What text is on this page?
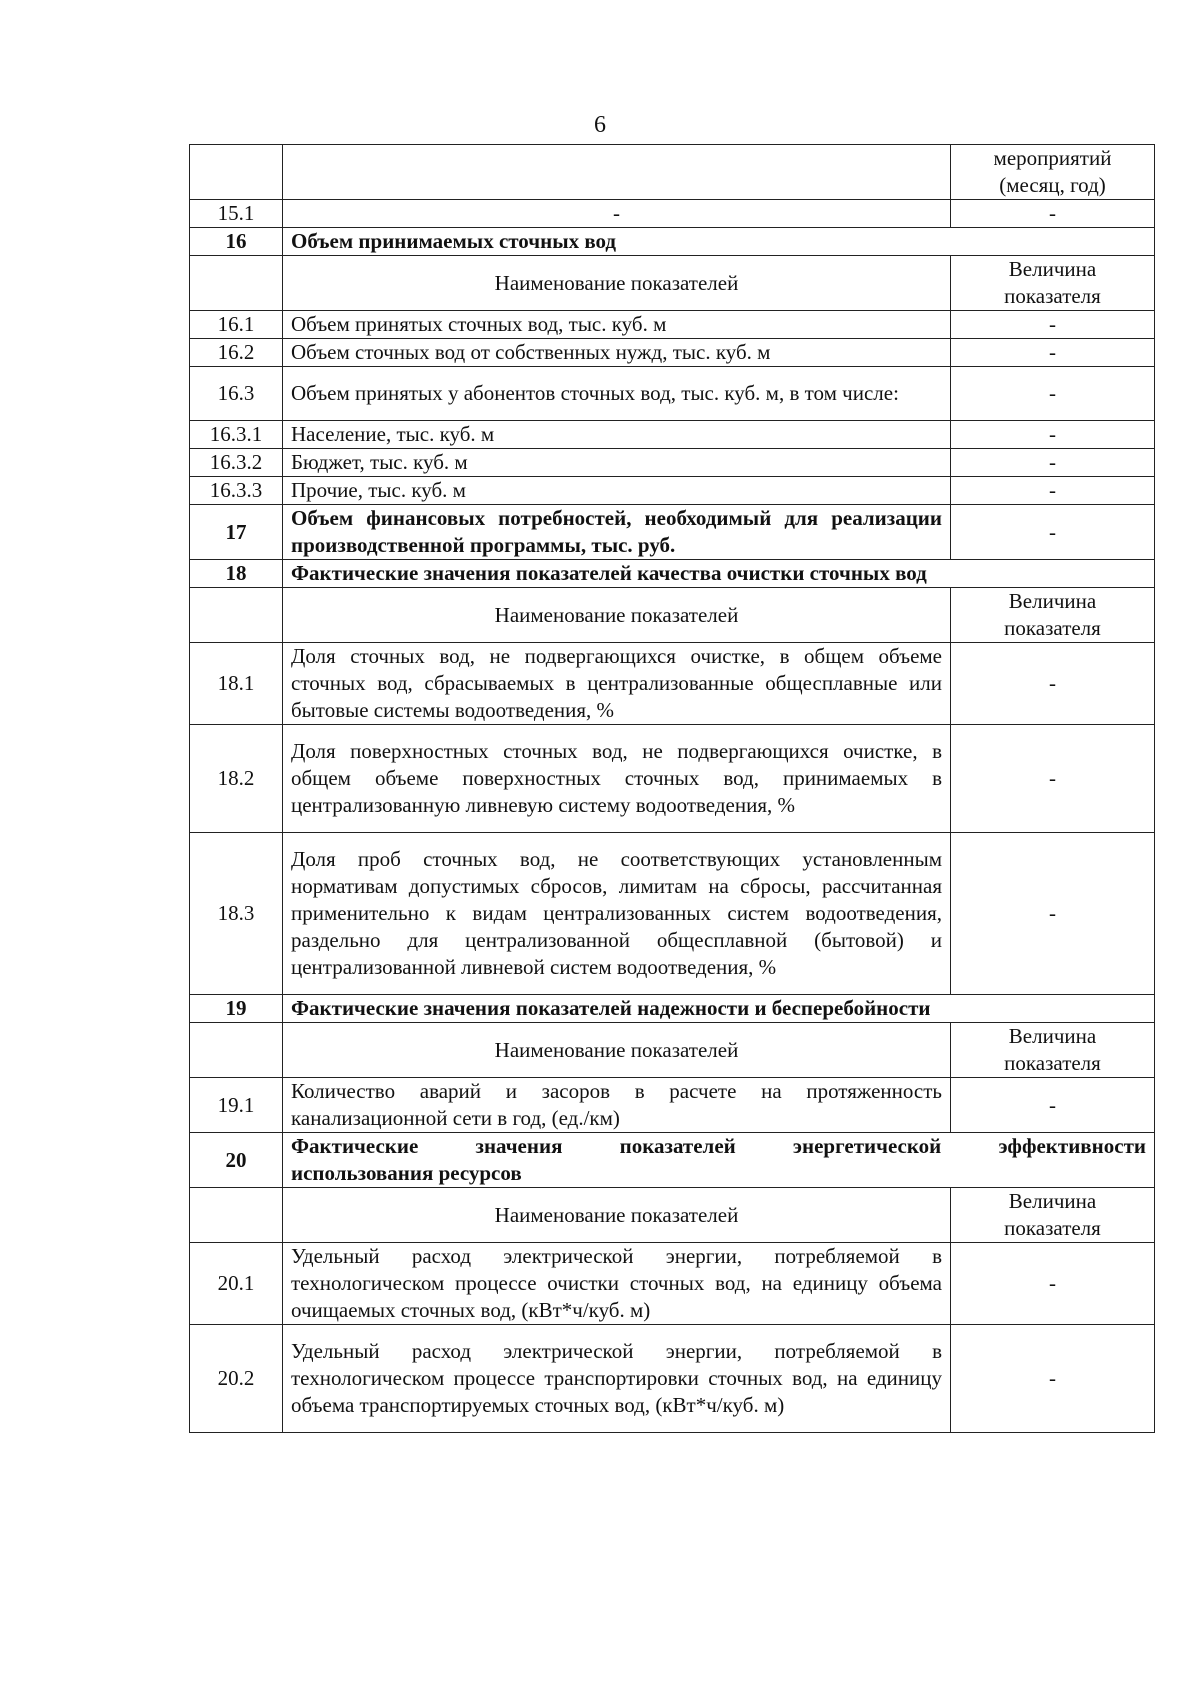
6

		мероприятий
(месяц, год)

15.1	-	-
16	Объем принимаемых сточных вод	
	Наименование показателей	Величина
показателя

16.1	Объем принятых сточных вод, тыс. куб. м	-
16.2	Объем сточных вод от собственных нужд, тыс. куб. м	-
16.3	Объем принятых у абонентов сточных вод, тыс. куб. м, в том числе:	-
16.3.1	Население, тыс. куб. м	-
16.3.2	Бюджет, тыс. куб. м	-
16.3.3	Прочие, тыс. куб. м	-
17	Объем финансовых потребностей, необходимый для реализации производственной программы, тыс. руб.	-
18	Фактические значения показателей качества очистки сточных вод	
	Наименование показателей	Величина
показателя

18.1	Доля сточных вод, не подвергающихся очистке, в общем объеме сточных вод, сбрасываемых в централизованные общесплавные или бытовые системы водоотведения, %	-
18.2	Доля поверхностных сточных вод, не подвергающихся очистке, в общем объеме поверхностных сточных вод, принимаемых в централизованную ливневую систему водоотведения, %	-
18.3	Доля проб сточных вод, не соответствующих установленным нормативам допустимых сбросов, лимитам на сбросы, рассчитанная применительно к видам централизованных систем водоотведения, раздельно для централизованной общесплавной (бытовой) и централизованной ливневой систем водоотведения, %	-
19	Фактические значения показателей надежности и бесперебойности	
	Наименование показателей	Величина
показателя

19.1	Количество аварий и засоров в расчете на протяженность канализационной сети в год, (ед./км)	-
20	Фактические значения показателей энергетической эффективности
использования ресурсов	

	Наименование показателей	Величина
показателя

20.1	Удельный расход электрической энергии, потребляемой в технологическом процессе очистки сточных вод, на единицу объема очищаемых сточных вод, (кВт*ч/куб. м)	-
20.2	Удельный расход электрической энергии, потребляемой в технологическом процессе транспортировки сточных вод, на единицу объема транспортируемых сточных вод, (кВт*ч/куб. м)	-
